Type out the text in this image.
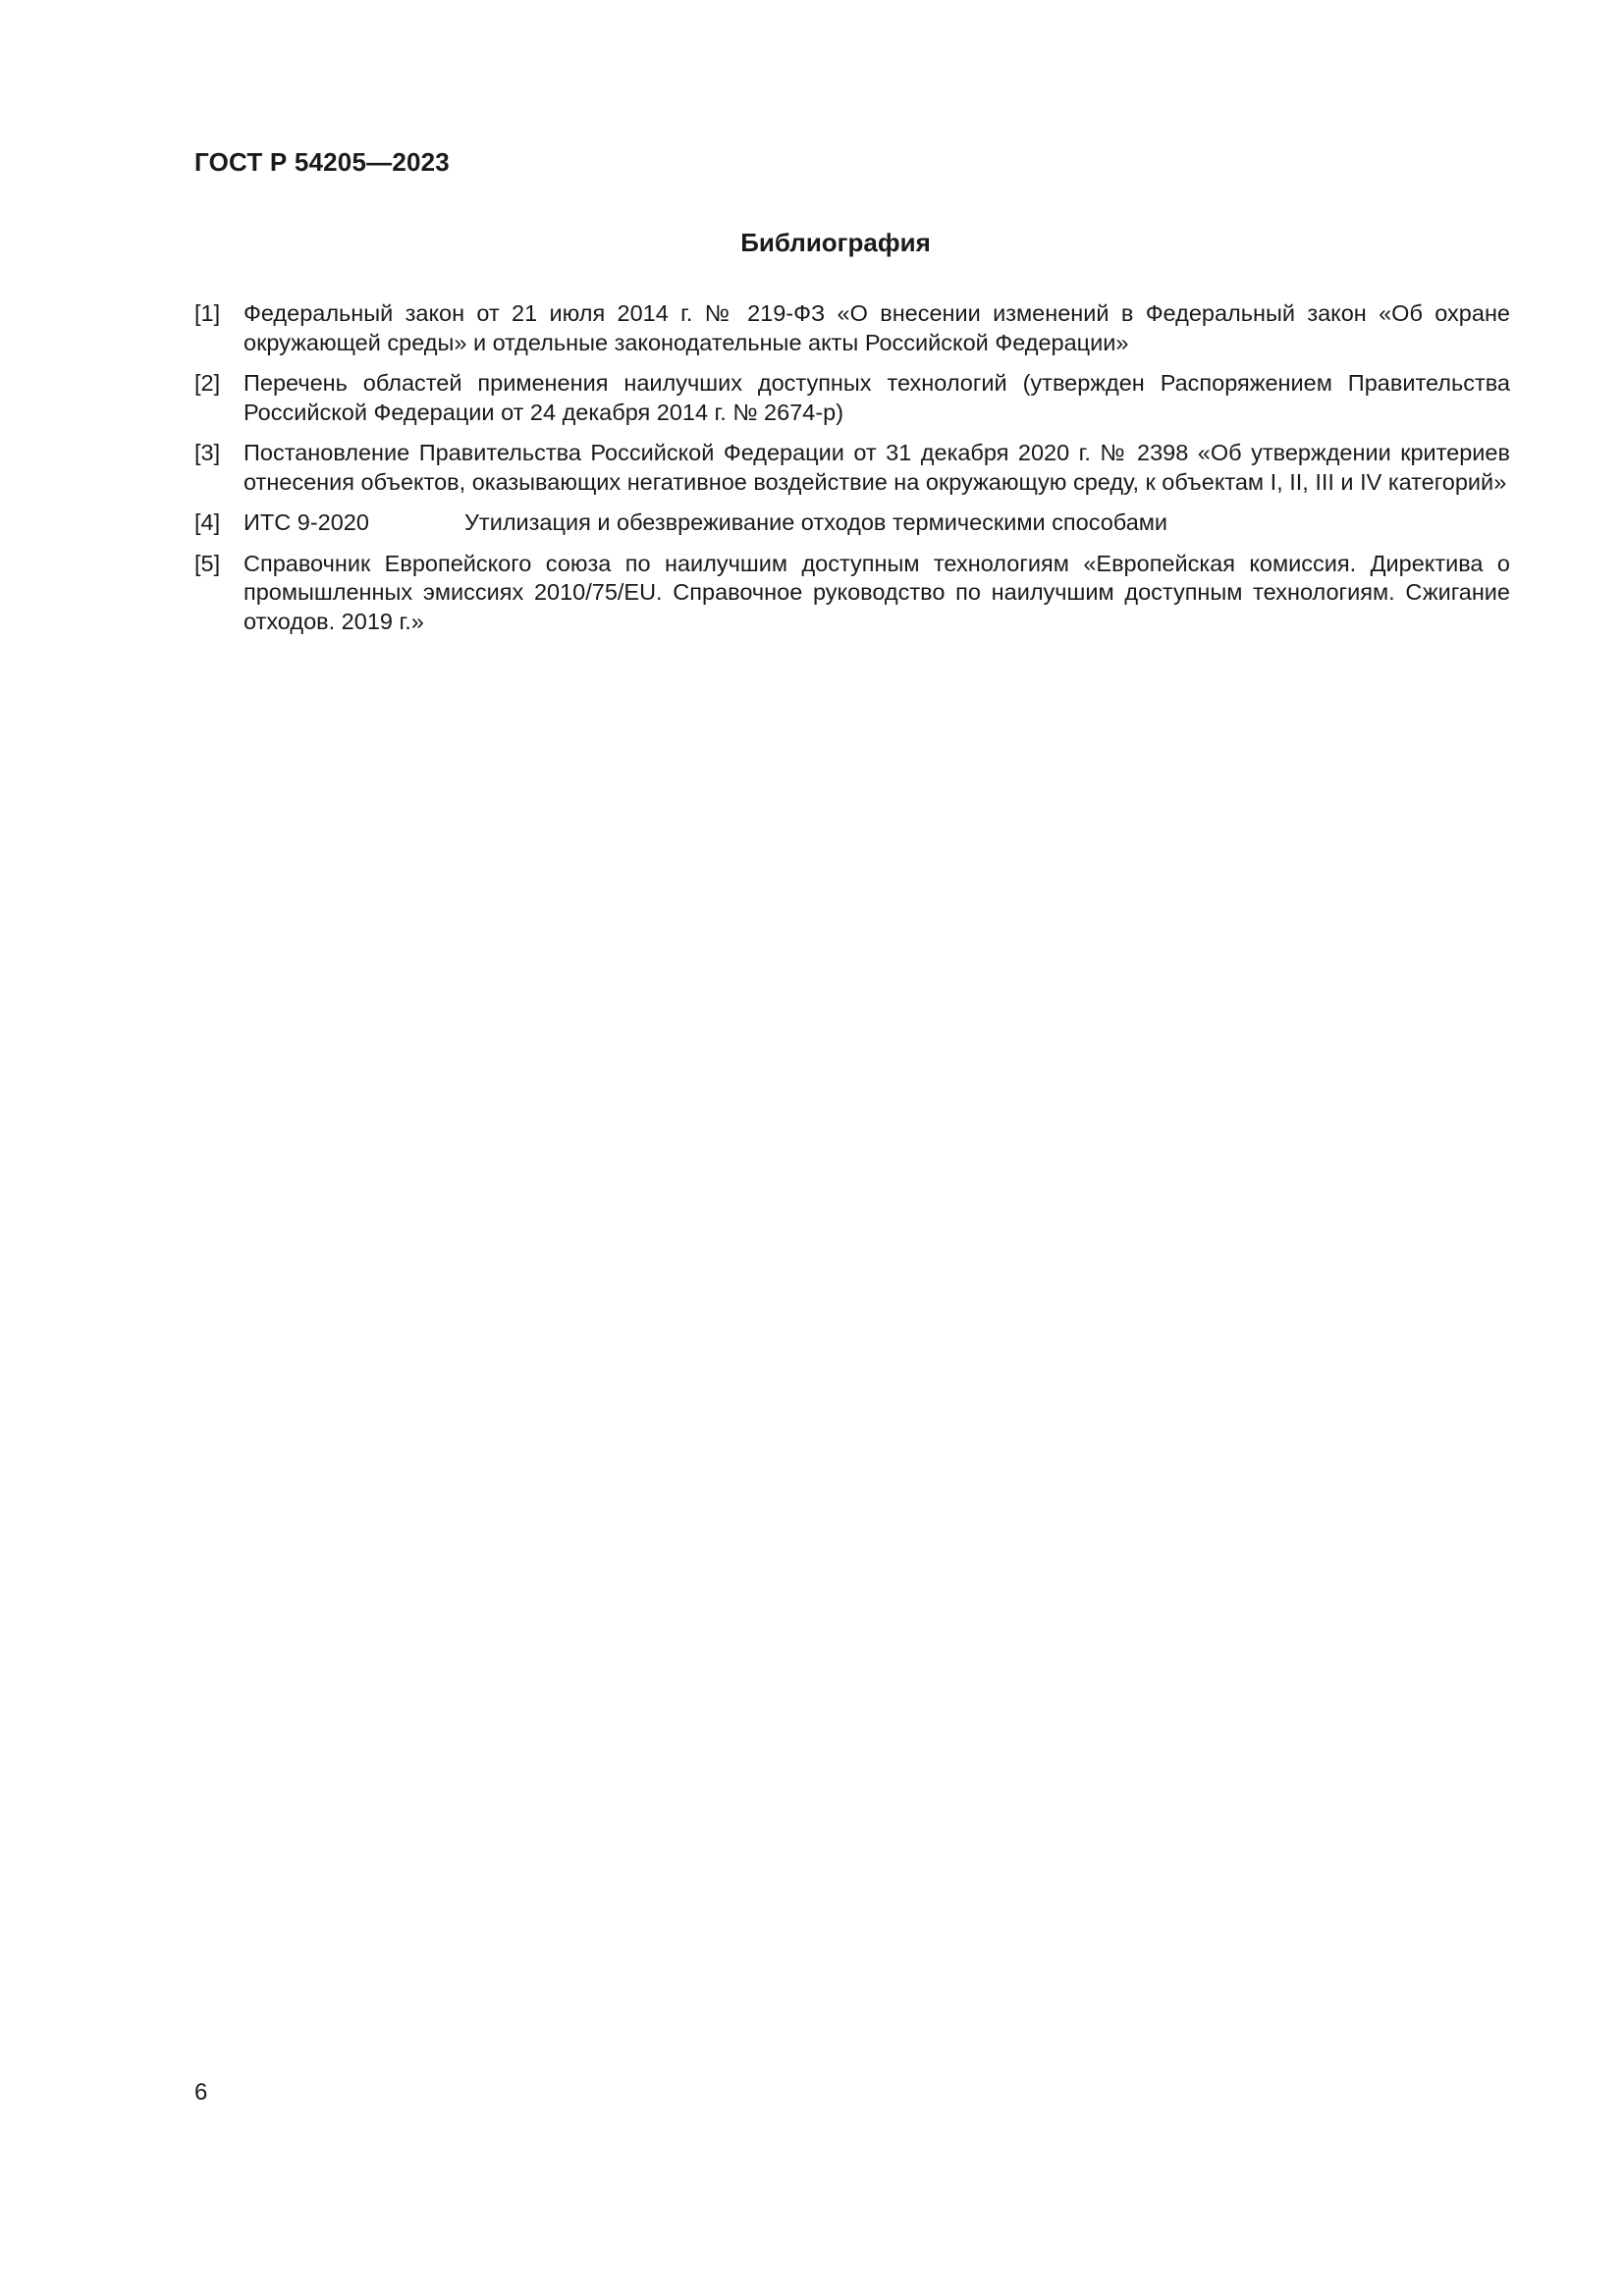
ГОСТ Р 54205—2023
Библиография
[1]	Федеральный закон от 21 июля 2014 г. № 219-ФЗ «О внесении изменений в Федеральный закон «Об охране окружающей среды» и отдельные законодательные акты Российской Федерации»
[2]	Перечень областей применения наилучших доступных технологий (утвержден Распоряжением Правительства Российской Федерации от 24 декабря 2014 г. № 2674-р)
[3]	Постановление Правительства Российской Федерации от 31 декабря 2020 г. № 2398 «Об утверждении критериев отнесения объектов, оказывающих негативное воздействие на окружающую среду, к объектам I, II, III и IV категорий»
[4]	ИТС 9-2020	Утилизация и обезвреживание отходов термическими способами
[5]	Справочник Европейского союза по наилучшим доступным технологиям «Европейская комиссия. Директива о промышленных эмиссиях 2010/75/EU. Справочное руководство по наилучшим доступным технологиям. Сжигание отходов. 2019 г.»
6
